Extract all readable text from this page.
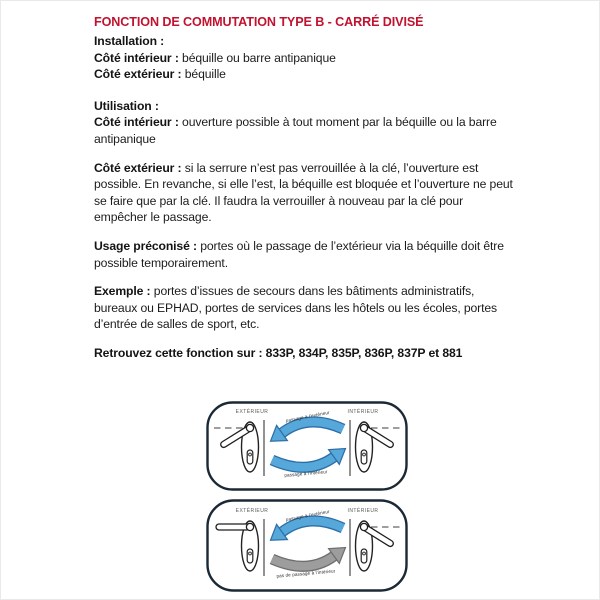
FONCTION DE COMMUTATION TYPE B - CARRÉ DIVISÉ

Installation :

Côté intérieur : béquille ou barre antipanique

Côté extérieur : béquille

Utilisation :

Côté intérieur : ouverture possible à tout moment par la béquille ou la barre antipanique

Côté extérieur : si la serrure n’est pas verrouillée à la clé, l’ouverture est possible. En revanche, si elle l’est, la béquille est bloquée et l’ouverture ne peut se faire que par la clé. Il faudra la verrouiller à nouveau par la clé pour empêcher le passage.

Usage préconisé : portes où le passage de l’extérieur via la béquille doit être possible temporairement.

Exemple : portes d’issues de secours dans les bâtiments administratifs, bureaux ou EPHAD, portes de services dans les hôtels ou les écoles, portes d’entrée de salles de sport, etc.

Retrouvez cette fonction sur : 833P, 834P, 835P, 836P, 837P et 881

EXTÉRIEUR	INTÉRIEUR
passage à l’extérieur
passage à l’intérieur
EXTÉRIEUR	INTÉRIEUR
passage à l’extérieur
pas de passage à l’intérieur
